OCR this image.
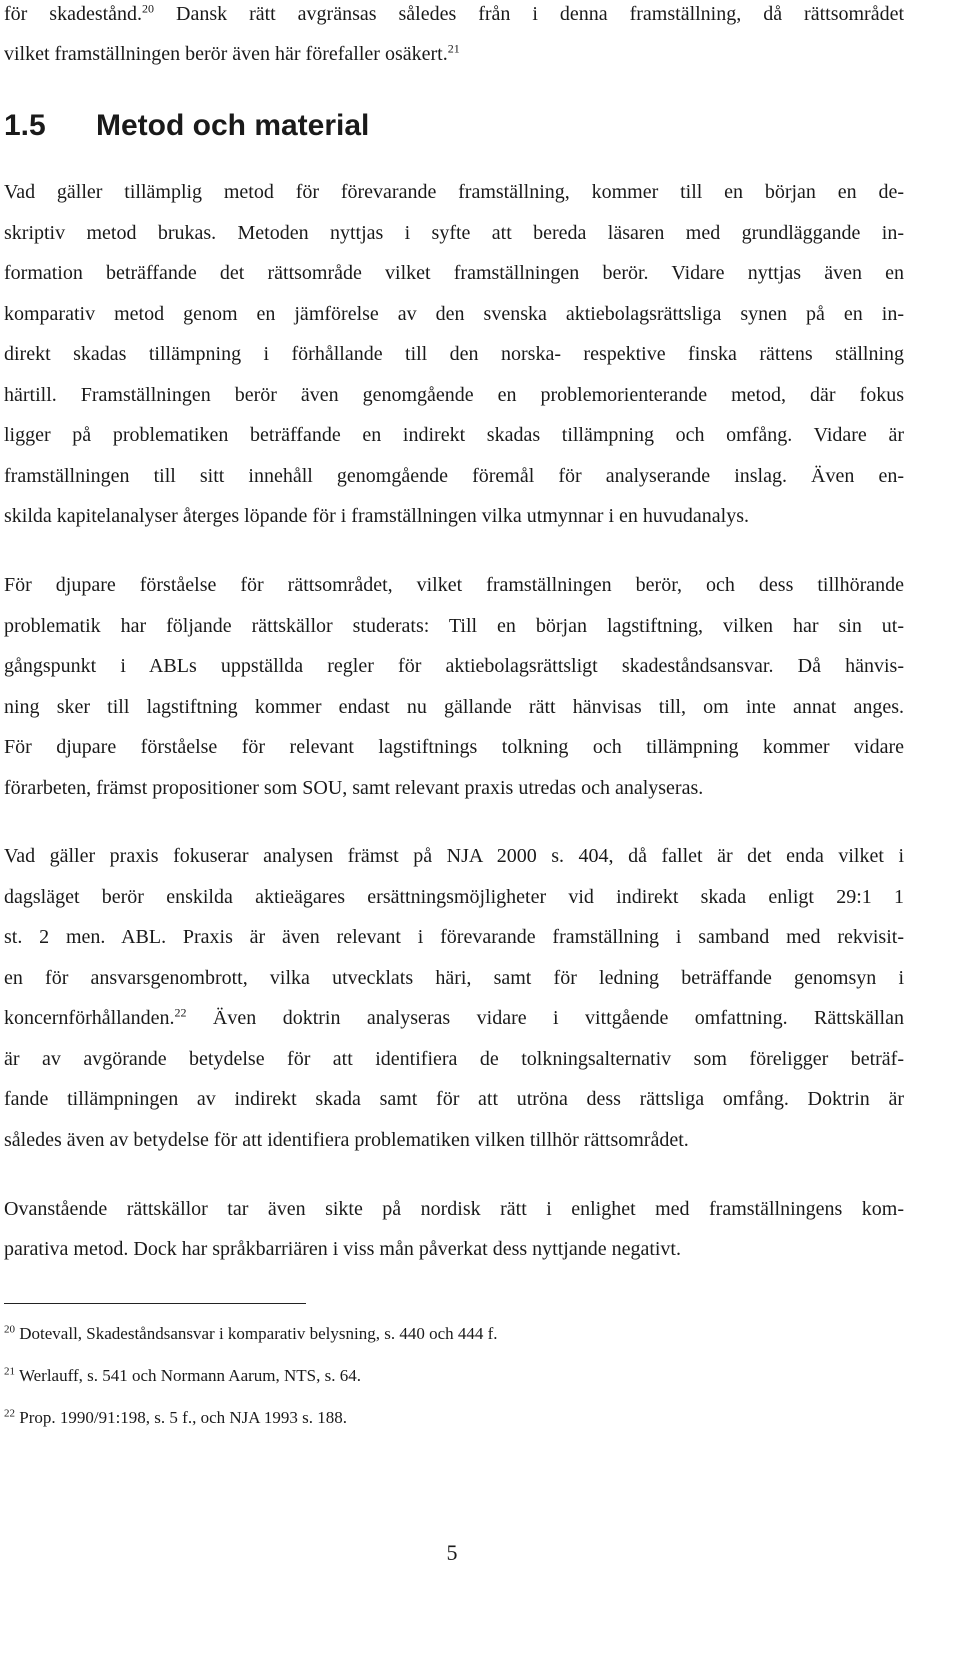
för skadestånd.$^{20}$ Dansk rätt avgränsas således från i denna framställning, då rättsområdet
vilket framställningen berör även här förefaller osäkert.$^{21}$
1.5 Metod och material
Vad gäller tillämplig metod för förevarande framställning, kommer till en början en de-
skriptiv metod brukas. Metoden nyttjas i syfte att bereda läsaren med grundläggande in-
formation beträffande det rättsområde vilket framställningen berör. Vidare nyttjas även en
komparativ metod genom en jämförelse av den svenska aktiebolagsrättsliga synen på en in-
direkt skadas tillämpning i förhållande till den norska- respektive finska rättens ställning
härtill. Framställningen berör även genomgående en problemorienterande metod, där fokus
ligger på problematiken beträffande en indirekt skadas tillämpning och omfång. Vidare är
framställningen till sitt innehåll genomgående föremål för analyserande inslag. Även en-
skilda kapitelanalyser återges löpande för i framställningen vilka utmynnar i en huvudanalys.
För djupare förståelse för rättsområdet, vilket framställningen berör, och dess tillhörande
problematik har följande rättskällor studerats: Till en början lagstiftning, vilken har sin ut-
gångspunkt i ABLs uppställda regler för aktiebolagsrättsligt skadeståndsansvar. Då hänvis-
ning sker till lagstiftning kommer endast nu gällande rätt hänvisas till, om inte annat anges.
För djupare förståelse för relevant lagstiftnings tolkning och tillämpning kommer vidare
förarbeten, främst propositioner som SOU, samt relevant praxis utredas och analyseras.
Vad gäller praxis fokuserar analysen främst på NJA 2000 s. 404, då fallet är det enda vilket i
dagsläget berör enskilda aktieägares ersättningsmöjligheter vid indirekt skada enligt 29:1 1
st. 2 men. ABL. Praxis är även relevant i förevarande framställning i samband med rekvisit-
en för ansvarsgenombrott, vilka utvecklats häri, samt för ledning beträffande genomsyn i
koncernförhållanden.$^{22}$ Även doktrin analyseras vidare i vittgående omfattning. Rättskällan
är av avgörande betydelse för att identifiera de tolkningsalternativ som föreligger beträf-
fande tillämpningen av indirekt skada samt för att utröna dess rättsliga omfång. Doktrin är
således även av betydelse för att identifiera problematiken vilken tillhör rättsområdet.
Ovanstående rättskällor tar även sikte på nordisk rätt i enlighet med framställningens kom-
parativa metod. Dock har språkbarriären i viss mån påverkat dess nyttjande negativt.
$^{20}$ Dotevall, Skadeståndsansvar i komparativ belysning, s. 440 och 444 f.
$^{21}$ Werlauff, s. 541 och Normann Aarum, NTS, s. 64.
$^{22}$ Prop. 1990/91:198, s. 5 f., och NJA 1993 s. 188.
5
